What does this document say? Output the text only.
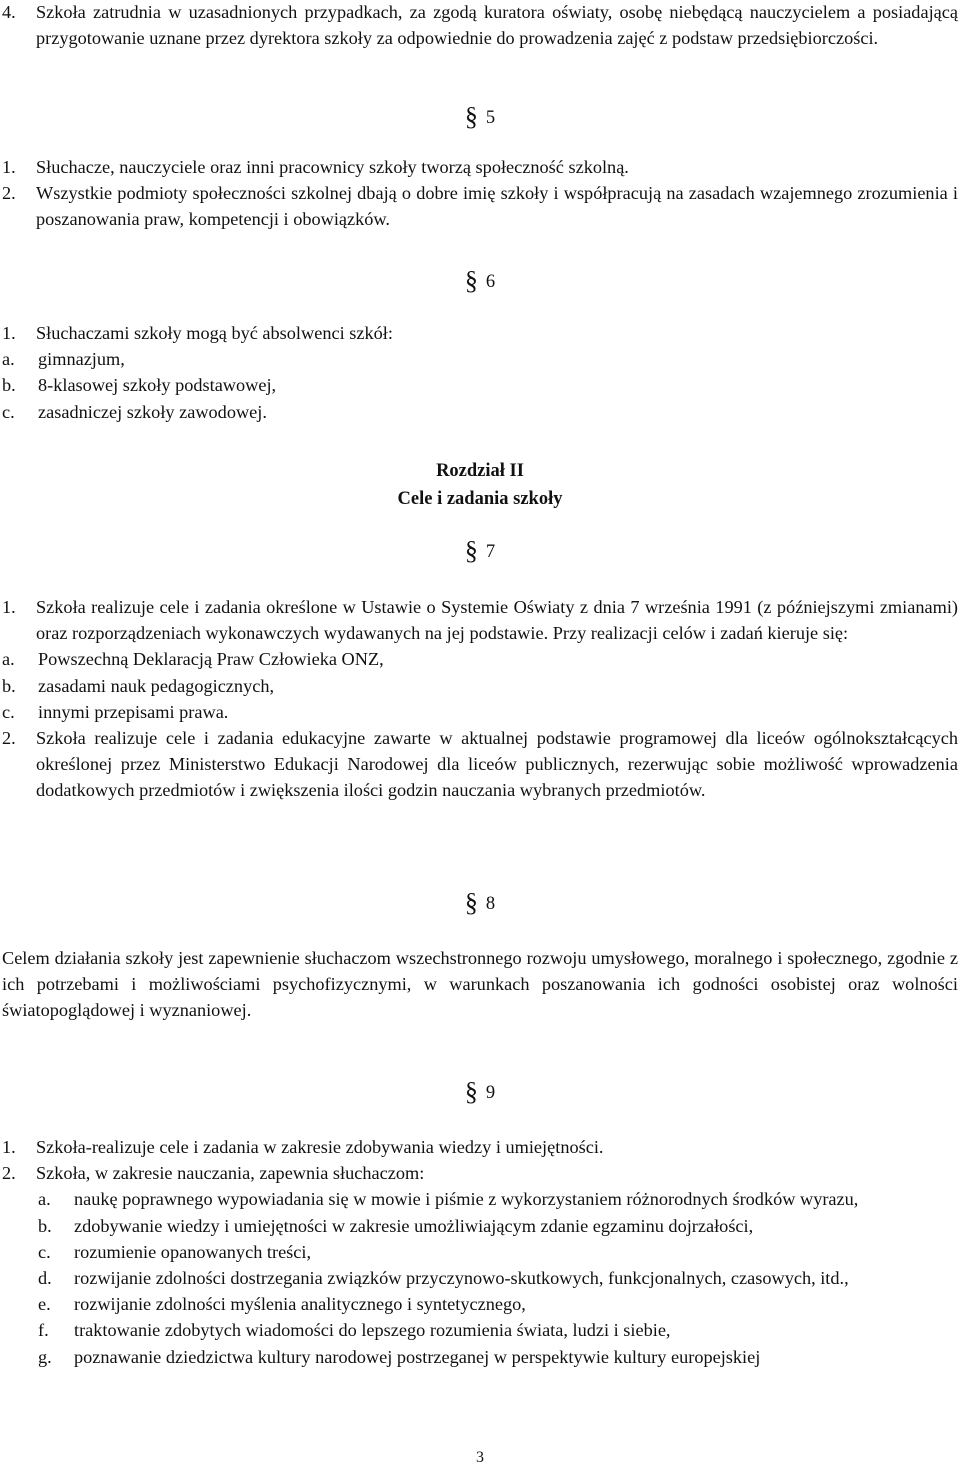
4.	Szkoła zatrudnia w uzasadnionych przypadkach, za zgodą kuratora oświaty, osobę niebędącą nauczycielem a posiadającą przygotowanie uznane przez dyrektora szkoły za odpowiednie do prowadzenia zajęć z podstaw przedsiębiorczości.
§ 5
1.	Słuchacze, nauczyciele oraz inni pracownicy szkoły tworzą społeczność szkolną.
2.	Wszystkie podmioty społeczności szkolnej dbają o dobre imię szkoły i współpracują na zasadach wzajemnego zrozumienia i poszanowania praw, kompetencji i obowiązków.
§ 6
1.	Słuchaczami szkoły mogą być absolwenci szkół:
a.	gimnazjum,
b.	8-klasowej szkoły podstawowej,
c.	zasadniczej szkoły zawodowej.
Rozdział II
Cele i zadania szkoły
§ 7
1.	Szkoła realizuje cele i zadania określone w Ustawie o Systemie Oświaty z dnia 7 września 1991 (z późniejszymi zmianami) oraz rozporządzeniach wykonawczych wydawanych na jej podstawie. Przy realizacji celów i zadań kieruje się:
a.	Powszechną Deklaracją Praw Człowieka ONZ,
b.	zasadami nauk pedagogicznych,
c.	innymi przepisami prawa.
2.	Szkoła realizuje cele i zadania edukacyjne zawarte w aktualnej podstawie programowej dla liceów ogólnokształcących określonej przez Ministerstwo Edukacji Narodowej dla liceów publicznych, rezerwując sobie możliwość wprowadzenia dodatkowych przedmiotów i zwiększenia ilości godzin nauczania wybranych przedmiotów.
§ 8
Celem działania szkoły jest zapewnienie słuchaczom wszechstronnego rozwoju umysłowego, moralnego i społecznego, zgodnie z ich potrzebami i możliwościami psychofizycznymi, w warunkach poszanowania ich godności osobistej oraz wolności światopoglądowej i wyznaniowej.
§ 9
1.	Szkoła-realizuje cele i zadania w zakresie zdobywania wiedzy i umiejętności.
2.	Szkoła, w zakresie nauczania, zapewnia słuchaczom:
a.	naukę poprawnego wypowiadania się w mowie i piśmie z wykorzystaniem różnorodnych środków wyrazu,
b.	zdobywanie wiedzy i umiejętności w zakresie umożliwiającym zdanie egzaminu dojrzałości,
c.	rozumienie opanowanych treści,
d.	rozwijanie zdolności dostrzegania związków przyczynowo-skutkowych, funkcjonalnych, czasowych, itd.,
e.	rozwijanie zdolności myślenia analitycznego i syntetycznego,
f.	traktowanie zdobytych wiadomości do lepszego rozumienia świata, ludzi i siebie,
g.	poznawanie dziedzictwa kultury narodowej postrzeganej w perspektywie kultury europejskiej
3
